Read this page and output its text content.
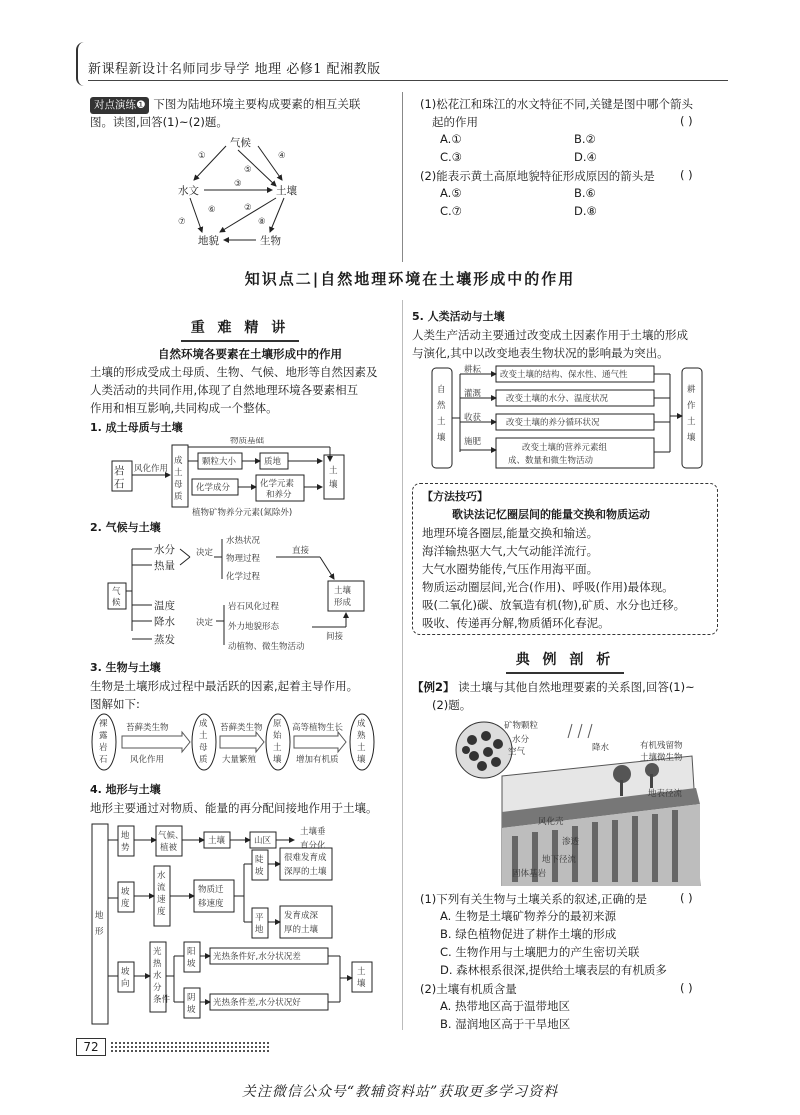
新课程新设计名师同步导学 地理 必修1 配湘教版
对点演练❶ 下图为陆地环境主要构成要素的相互关联
图。读图,回答(1)~(2)题。
气候
水文	土壤
地貌	生物
①	④
⑤
③
⑥	②
⑦	⑧
(1)松花江和珠江的水文特征不同,关键是图中哪个箭头
起的作用	( )
A.①	B.②
C.③	D.④
(2)能表示黄土高原地貌特征形成原因的箭头是 ( )
A.⑤	B.⑥
C.⑦	D.⑧
知识点二|自然地理环境在土壤形成中的作用
重 难 精 讲
自然环境各要素在土壤形成中的作用
土壤的形成受成土母质、生物、气候、地形等自然因素及
人类活动的共同作用,体现了自然地理环境各要素相互
作用和相互影响,共同构成一个整体。
1. 成土母质与土壤
岩
石
风化作用
成
土
母
质
物质基础
颗粒大小	质地
化学成分	化学元素
和养分
土
壤
植物矿物养分元素(氮除外)
2. 气候与土壤
气
候
水分
热量
决定
水热状况
物理过程
化学过程
直接
土壤
形成
温度
降水
蒸发
决定
岩石风化过程
外力地貌形态
动植物、微生物活动
间接
3. 生物与土壤
生物是土壤形成过程中最活跃的因素,起着主导作用。
图解如下:
裸
露
岩
石
苔藓类生物
风化作用
成
土
母
质
苔藓类生物
大量繁殖
原
始
土
壤
高等植物生长
增加有机质
成
熟
土
壤
4. 地形与土壤
地形主要通过对物质、能量的再分配间接地作用于土壤。
地
形
地
势
气候、
植被
土壤	山区
土壤垂
直分化
坡
度
水
流
速
度
物质迁
移速度
陡
坡
很难发育成
深厚的土壤
平
地
发育成深
厚的土壤
坡
向
光
热
水
分
条件
阳
坡
光热条件好,水分状况差
阴
坡
光热条件差,水分状况好
土
壤
5. 人类活动与土壤
人类生产活动主要通过改变成土因素作用于土壤的形成
与演化,其中以改变地表生物状况的影响最为突出。
自
然
土
壤
耕耘
灌溉
收获
施肥
改变土壤的结构、保水性、通气性
改变土壤的水分、温度状况
改变土壤的养分循环状况
改变土壤的营养元素组
成、数量和微生物活动
耕
作
土
壤
【方法技巧】
歌诀法记忆圈层间的能量交换和物质运动
地理环境各圈层,能量交换和输送。
海洋输热驱大气,大气动能洋流行。
大气水圈势能传,气压作用海平面。
物质运动圈层间,光合(作用)、呼吸(作用)最体现。
吸(二氧化)碳、放氧造有机(物),矿质、水分也迁移。
吸收、传递再分解,物质循环化春泥。
典 例 剖 析
【例2】 读土壤与其他自然地理要素的关系图,回答(1)~
(2)题。
矿物颗粒
水分
空气	降水	有机残留物
土壤微生物
地表径流
风化壳
地下径流
渗透
固体基岩
(1)下列有关生物与土壤关系的叙述,正确的是	( )
A. 生物是土壤矿物养分的最初来源
B. 绿色植物促进了耕作土壤的形成
C. 生物作用与土壤肥力的产生密切关联
D. 森林根系很深,提供给土壤表层的有机质多
(2)土壤有机质含量	( )
A. 热带地区高于温带地区
B. 湿润地区高于干旱地区
72
关注微信公众号“教辅资料站”获取更多学习资料
